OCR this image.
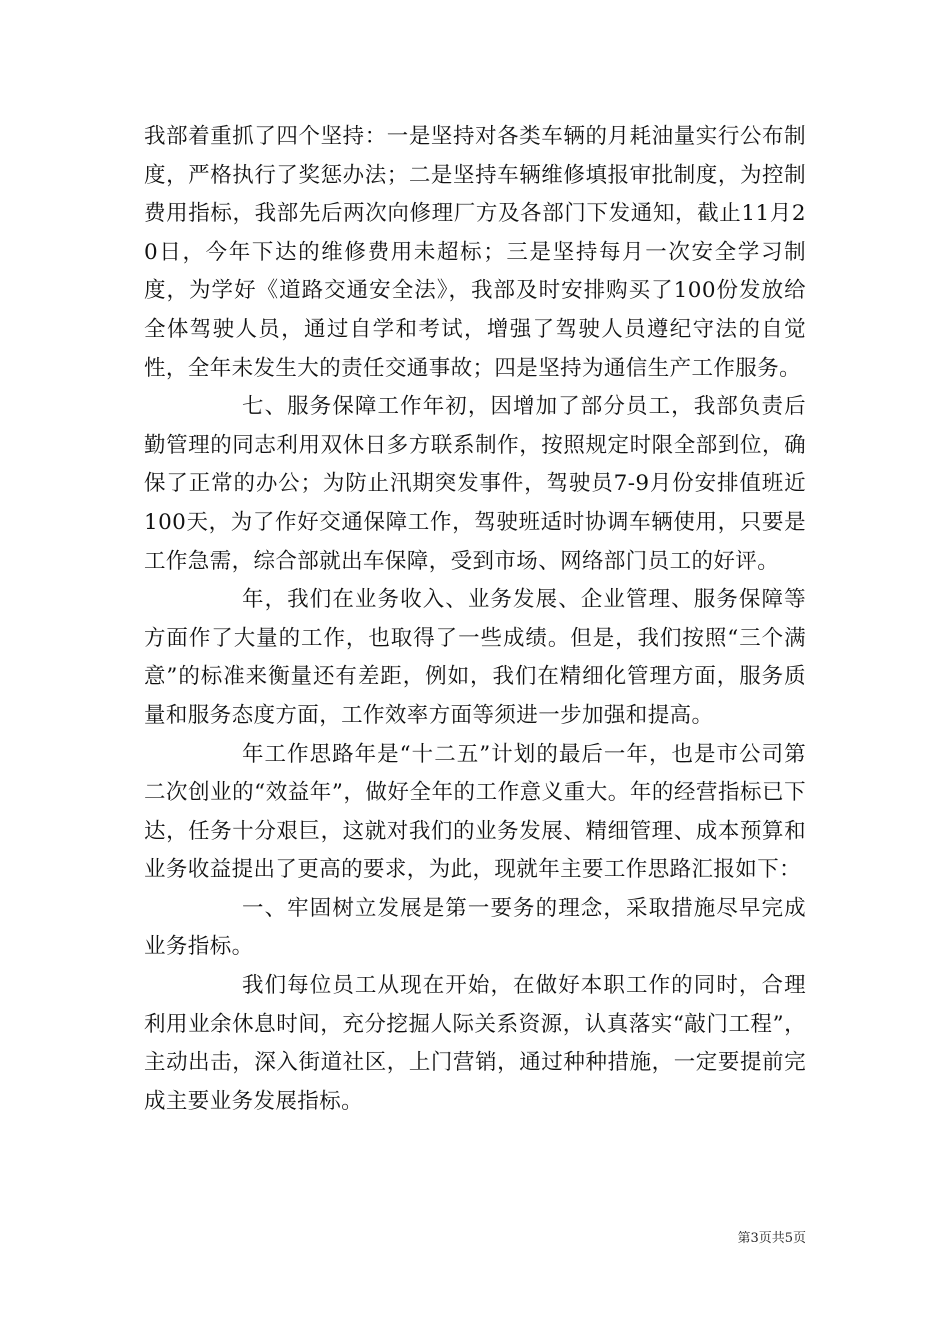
我部着重抓了四个坚持：一是坚持对各类车辆的月耗油量实行公布制度，严格执行了奖惩办法；二是坚持车辆维修填报审批制度，为控制费用指标，我部先后两次向修理厂方及各部门下发通知，截止11月20日，今年下达的维修费用未超标；三是坚持每月一次安全学习制度，为学好《道路交通安全法》，我部及时安排购买了100份发放给全体驾驶人员，通过自学和考试，增强了驾驶人员遵纪守法的自觉性，全年未发生大的责任交通事故；四是坚持为通信生产工作服务。

七、服务保障工作年初，因增加了部分员工，我部负责后勤管理的同志利用双休日多方联系制作，按照规定时限全部到位，确保了正常的办公；为防止汛期突发事件，驾驶员7-9月份安排值班近100天，为了作好交通保障工作，驾驶班适时协调车辆使用，只要是工作急需，综合部就出车保障，受到市场、网络部门员工的好评。

年，我们在业务收入、业务发展、企业管理、服务保障等方面作了大量的工作，也取得了一些成绩。但是，我们按照“三个满意”的标准来衡量还有差距，例如，我们在精细化管理方面，服务质量和服务态度方面，工作效率方面等须进一步加强和提高。

年工作思路年是“十二五”计划的最后一年，也是市公司第二次创业的“效益年”，做好全年的工作意义重大。年的经营指标已下达，任务十分艰巨，这就对我们的业务发展、精细管理、成本预算和业务收益提出了更高的要求，为此，现就年主要工作思路汇报如下：

一、牢固树立发展是第一要务的理念，采取措施尽早完成业务指标。

我们每位员工从现在开始，在做好本职工作的同时，合理利用业余休息时间，充分挖掘人际关系资源，认真落实“敲门工程”，主动出击，深入街道社区，上门营销，通过种种措施，一定要提前完成主要业务发展指标。

第3页共5页
